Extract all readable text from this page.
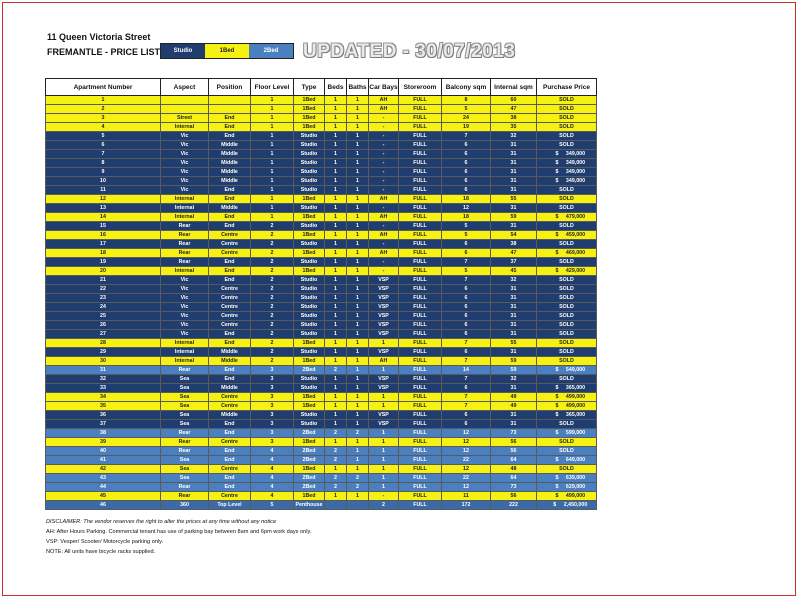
11 Queen Victoria Street
FREMANTLE - PRICE LIST	Studio	1Bed	2Bed	UPDATED - 30/07/2013
Apartment Number	Aspect	Position	Floor Level	Type	Beds	Baths	Car Bays	Storeroom	Balcony sqm	Internal sqm	Purchase Price
1			1	1Bed	1	1	AH	FULL	8	60	SOLD
2			1	1Bed	1	1	AH	FULL	5	47	SOLD
3	Street	End	1	1Bed	1	1	-	FULL	24	38	SOLD
4	Internal	End	1	1Bed	1	1	-	FULL	19	35	SOLD
5	Vic	End	1	Studio	1	1	-	FULL	7	32	SOLD
6	Vic	Middle	1	Studio	1	1	-	FULL	6	31	SOLD
7	Vic	Middle	1	Studio	1	1	-	FULL	6	31	$ 349,000
8	Vic	Middle	1	Studio	1	1	-	FULL	6	31	$ 349,000
9	Vic	Middle	1	Studio	1	1	-	FULL	6	31	$ 349,000
10	Vic	Middle	1	Studio	1	1	-	FULL	6	31	$ 349,000
11	Vic	End	1	Studio	1	1	-	FULL	6	31	SOLD
12	Internal	End	1	1Bed	1	1	AH	FULL	18	55	SOLD
13	Internal	Middle	1	Studio	1	1	-	FULL	12	31	SOLD
14	Internal	End	1	1Bed	1	1	AH	FULL	18	59	$ 479,000
15	Rear	End	2	Studio	1	1	-	FULL	5	31	SOLD
16	Rear	Centre	2	1Bed	1	1	AH	FULL	5	54	$ 459,000
17	Rear	Centre	2	Studio	1	1	-	FULL	6	38	SOLD
18	Rear	Centre	2	1Bed	1	1	AH	FULL	6	47	$ 469,000
19	Rear	End	2	Studio	1	1	-	FULL	7	37	SOLD
20	Internal	End	2	1Bed	1	1	-	FULL	5	45	$ 429,000
21	Vic	End	2	Studio	1	1	VSP	FULL	7	32	SOLD
22	Vic	Centre	2	Studio	1	1	VSP	FULL	6	31	SOLD
23	Vic	Centre	2	Studio	1	1	VSP	FULL	6	31	SOLD
24	Vic	Centre	2	Studio	1	1	VSP	FULL	6	31	SOLD
25	Vic	Centre	2	Studio	1	1	VSP	FULL	6	31	SOLD
26	Vic	Centre	2	Studio	1	1	VSP	FULL	6	31	SOLD
27	Vic	End	2	Studio	1	1	VSP	FULL	6	31	SOLD
28	Internal	End	2	1Bed	1	1	1	FULL	7	55	SOLD
29	Internal	Middle	2	Studio	1	1	VSP	FULL	6	31	SOLD
30	Internal	Middle	2	1Bed	1	1	AH	FULL	7	59	SOLD
31	Rear	End	3	2Bed	2	1	1	FULL	14	59	$ 549,000
32	Sea	End	3	Studio	1	1	VSP	FULL	7	32	SOLD
33	Sea	Middle	3	Studio	1	1	VSP	FULL	6	31	$ 365,000
34	Sea	Centre	3	1Bed	1	1	1	FULL	7	49	$ 499,000
35	Sea	Centre	3	1Bed	1	1	1	FULL	7	49	$ 499,000
36	Sea	Middle	3	Studio	1	1	VSP	FULL	6	31	$ 365,000
37	Sea	End	3	Studio	1	1	VSP	FULL	6	31	SOLD
38	Rear	End	3	2Bed	2	2	1	FULL	12	73	$ 599,000
39	Rear	Centre	3	1Bed	1	1	1	FULL	12	56	SOLD
40	Rear	End	4	2Bed	2	1	1	FULL	12	56	SOLD
41	Sea	End	4	2Bed	2	1	1	FULL	22	64	$ 649,000
42	Sea	Centre	4	1Bed	1	1	1	FULL	12	48	SOLD
43	Sea	End	4	2Bed	2	2	1	FULL	22	64	$ 639,000
44	Rear	End	4	2Bed	2	2	1	FULL	12	73	$ 629,000
45	Rear	Centre	4	1Bed	1	1	-	FULL	11	56	$ 499,000
46	360	Top Level	5	Penthouse			2	FULL	172	222	$ 2,450,000
DISCLAIMER: The vendor reserves the right to alter the prices at any time without any notice
AH: After Hours Parking. Commercial tenant has use of parking bay between 8am and 6pm work days only.
VSP: Vesper/ Scooter/ Motorcycle parking only.
NOTE: All units have bicycle racks supplied.
